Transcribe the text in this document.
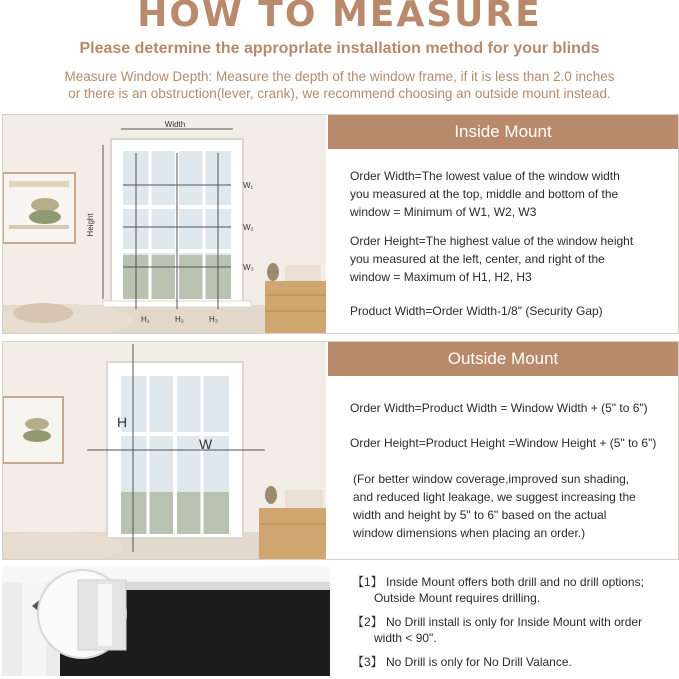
HOW TO MEASURE
Please determine the approprlate installation method for your blinds
Measure Window Depth: Measure the depth of the window frame, if it is less than 2.0 inches
or there is an obstruction(lever, crank), we recommend choosing an outside mount instead.
Width
Height
W₁
W₂
W₃
H₁	H₂	H₃
Inside Mount
Order Width=The lowest value of the window width
you measured at the top, middle and bottom of the
window = Minimum of W1, W2, W3
Order Height=The highest value of the window height
you measured at the left, center, and right of the
window = Maximum of H1, H2, H3
Product Width=Order Width-1/8" (Security Gap)
H
W
Outside Mount
Order Width=Product Width = Window Width + (5" to 6")
Order Height=Product Height =Window Height + (5" to 6")
(For better window coverage,improved sun shading,
and reduced light leakage, we suggest increasing the
width and height by 5" to 6" based on the actual
window dimensions when placing an order.)
【1】 Inside Mount offers both drill and no drill options;
Outside Mount requires drilling.
【2】 No Drill install is only for Inside Mount with order
width < 90".
【3】 No Drill is only for No Drill Valance.
